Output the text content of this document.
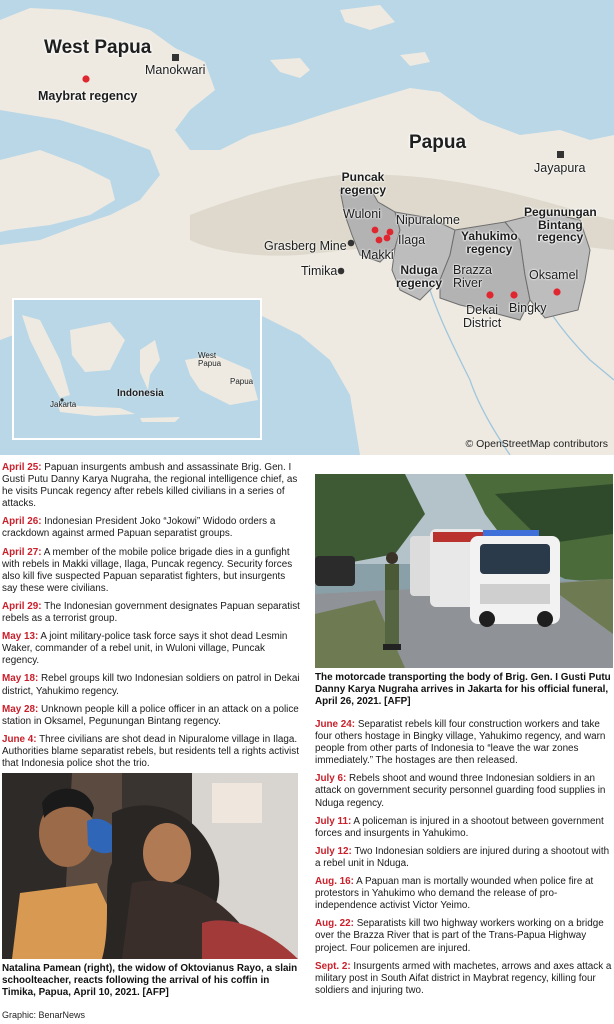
West Papua
Manokwari
Maybrat regency
Papua
Jayapura
Puncak
regency
Wuloni Nipuralome
Ilaga
Makki
Grasberg Mine
Timika	Nduga
regency
Yahukimo
regency
Brazza
River
Dekai
District
Bingky
Oksamel
Pegunungan
Bintang
regency
West
Papua
Papua
Indonesia
Jakarta
© OpenStreetMap contributors

April 25: Papuan insurgents ambush and assassinate Brig. Gen. I Gusti Putu Danny Karya Nugraha, the regional intelligence chief, as he visits Puncak regency after rebels killed civilians in a series of attacks.

April 26: Indonesian President Joko “Jokowi” Widodo orders a crackdown against armed Papuan separatist groups.

April 27: A member of the mobile police brigade dies in a gunfight with rebels in Makki village, Ilaga, Puncak regency. Security forces also kill five suspected Papuan separatist fighters, but insurgents say these were civilians.

April 29: The Indonesian government designates Papuan separatist rebels as a terrorist group.

May 13: A joint military-police task force says it shot dead Lesmin Waker, commander of a rebel unit, in Wuloni village, Puncak regency.

May 18: Rebel groups kill two Indonesian soldiers on patrol in Dekai district, Yahukimo regency.

May 28: Unknown people kill a police officer in an attack on a police station in Oksamel, Pegunungan Bintang regency.

June 4: Three civilians are shot dead in Nipuralome village in Ilaga. Authorities blame separatist rebels, but residents tell a rights activist that Indonesia police shot the trio.

The motorcade transporting the body of Brig. Gen. I Gusti Putu Danny Karya Nugraha arrives in Jakarta for his official funeral, April 26, 2021. [AFP]

June 24: Separatist rebels kill four construction workers and take four others hostage in Bingky village, Yahukimo regency, and warn people from other parts of Indonesia to “leave the war zones immediately.” The hostages are then released.

July 6: Rebels shoot and wound three Indonesian soldiers in an attack on government security personnel guarding food supplies in Nduga regency.

July 11: A policeman is injured in a shootout between government forces and insurgents in Yahukimo.

July 12: Two Indonesian soldiers are injured during a shootout with a rebel unit in Nduga.

Aug. 16: A Papuan man is mortally wounded when police fire at protestors in Yahukimo who demand the release of pro-independence activist Victor Yeimo.

Aug. 22: Separatists kill two highway workers working on a bridge over the Brazza River that is part of the Trans-Papua Highway project. Four policemen are injured.

Sept. 2: Insurgents armed with machetes, arrows and axes attack a military post in South Aifat district in Maybrat regency, killing four soldiers and injuring two.

Natalina Pamean (right), the widow of Oktovianus Rayo, a slain schoolteacher, reacts following the arrival of his coffin in Timika, Papua, April 10, 2021. [AFP]
Graphic: BenarNews
